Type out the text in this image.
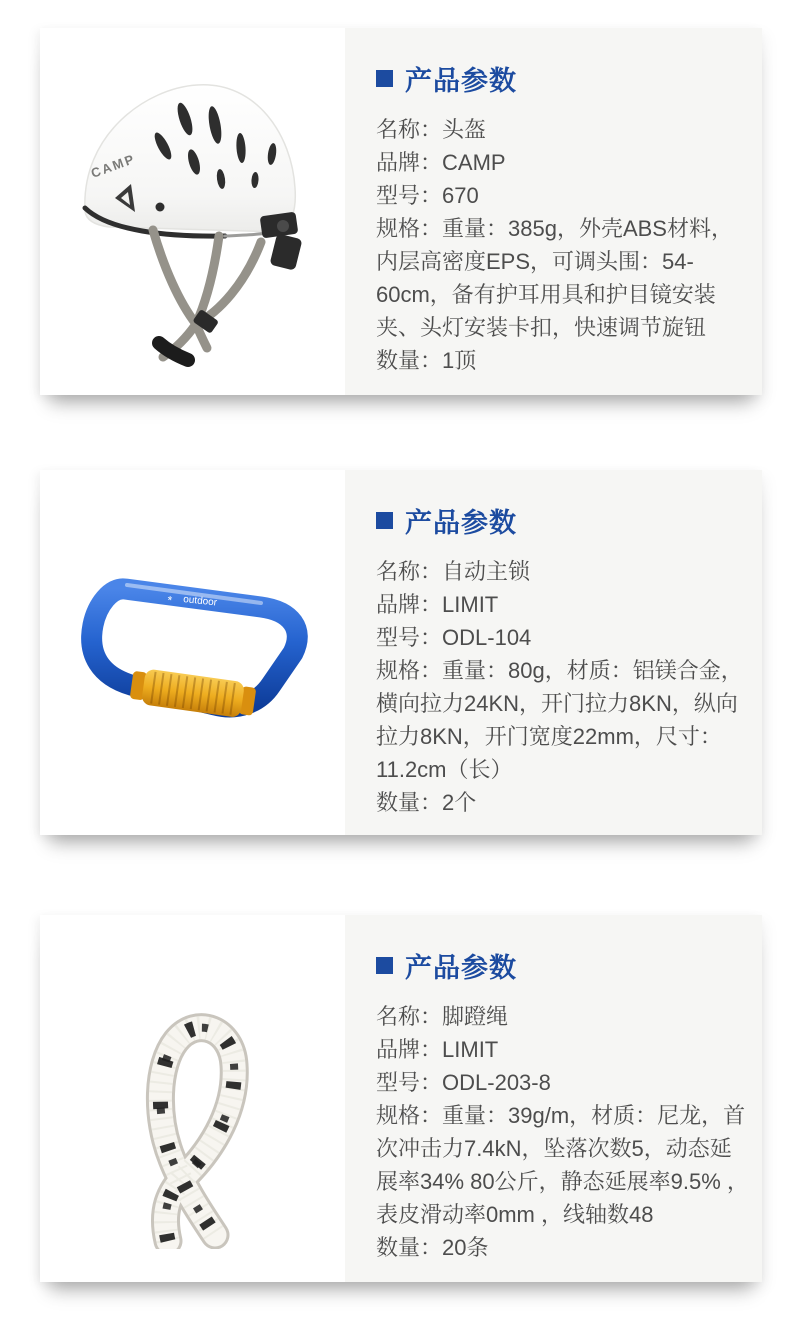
CAMP
产品参数

名称：头盔

品牌：CAMP

型号：670

规格：重量：385g，外壳ABS材料，内层高密度EPS，可调头围：54-60cm，备有护耳用具和护目镜安装夹、头灯安装卡扣，快速调节旋钮

数量：1顶

outdoor
*
产品参数

名称：自动主锁

品牌：LIMIT

型号：ODL-104

规格：重量：80g，材质：铝镁合金，横向拉力24KN，开门拉力8KN，纵向拉力8KN，开门宽度22mm，尺寸：11.2cm（长）

数量：2个

产品参数

名称：脚蹬绳

品牌：LIMIT

型号：ODL-203-8

规格：重量：39g/m，材质：尼龙，首次冲击力7.4kN，坠落次数5，动态延展率34% 80公斤，静态延展率9.5% ，表皮滑动率0mm ，线轴数48

数量：20条
